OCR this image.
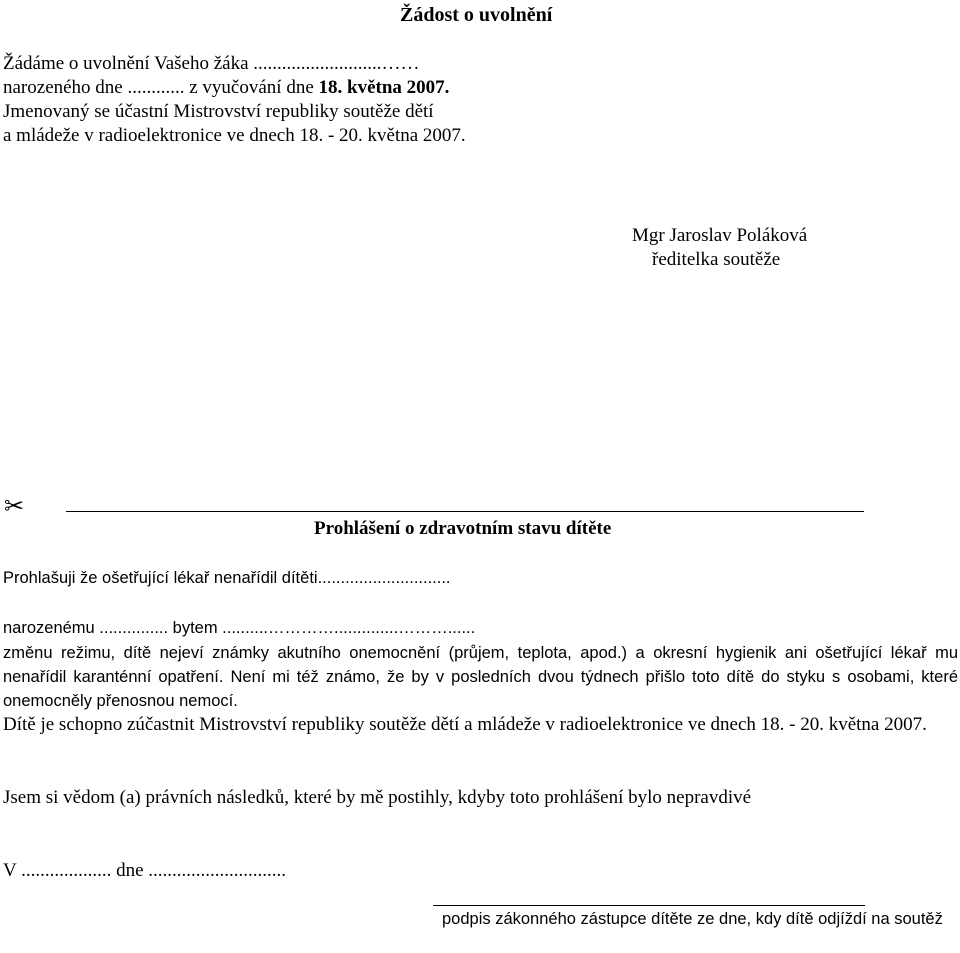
Žádost o uvolnění
Žádáme o uvolnění Vašeho žáka ...........................……
narozeného dne ............ z vyučování dne 18. května 2007.
Jmenovaný se účastní Mistrovství republiky soutěže dětí
a mládeže v radioelektronice ve dnech 18. - 20. května 2007.
Mgr Jaroslav Poláková
ředitelka soutěže
✂
Prohlášení o zdravotním stavu dítěte
Prohlašuji že ošetřující lékař nenařídil dítěti.............................
narozenému ............... bytem ..........…………..............………......
změnu režimu, dítě nejeví známky akutního onemocnění (průjem, teplota, apod.) a okresní hygienik ani ošetřující lékař mu nenařídil karanténní opatření. Není mi též známo, že by v posledních dvou týdnech přišlo toto dítě do styku s osobami, které onemocněly přenosnou nemocí.
Dítě je schopno zúčastnit Mistrovství republiky soutěže dětí a mládeže v radioelektronice ve dnech 18. - 20. května 2007.
Jsem si vědom (a) právních následků, které by mě postihly, kdyby toto prohlášení bylo nepravdivé
V ................... dne .............................
podpis zákonného zástupce dítěte ze dne, kdy dítě odjíždí na soutěž
